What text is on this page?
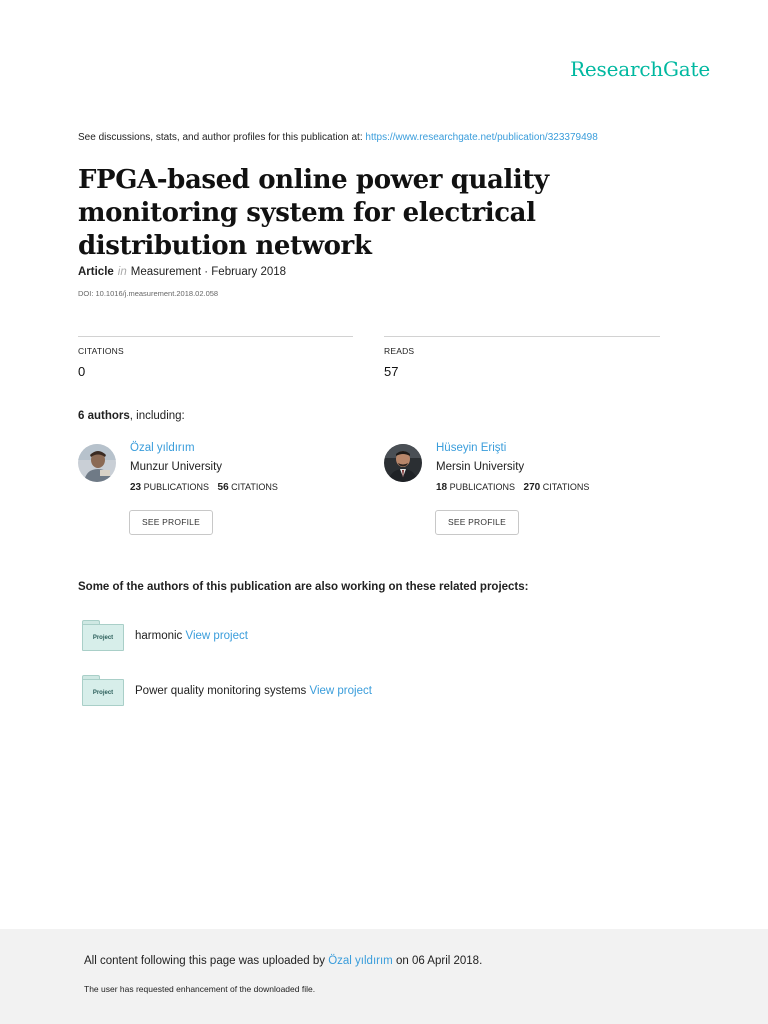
ResearchGate
See discussions, stats, and author profiles for this publication at: https://www.researchgate.net/publication/323379498
FPGA-based online power quality monitoring system for electrical distribution network
Article in Measurement · February 2018
DOI: 10.1016/j.measurement.2018.02.058
CITATIONS
0
READS
57
6 authors, including:
Özal yıldırım
Munzur University
23 PUBLICATIONS 56 CITATIONS
SEE PROFILE
Hüseyin Erişti
Mersin University
18 PUBLICATIONS 270 CITATIONS
SEE PROFILE
Some of the authors of this publication are also working on these related projects:
Project	harmonic View project
Project	Power quality monitoring systems View project
All content following this page was uploaded by Özal yıldırım on 06 April 2018.
The user has requested enhancement of the downloaded file.
